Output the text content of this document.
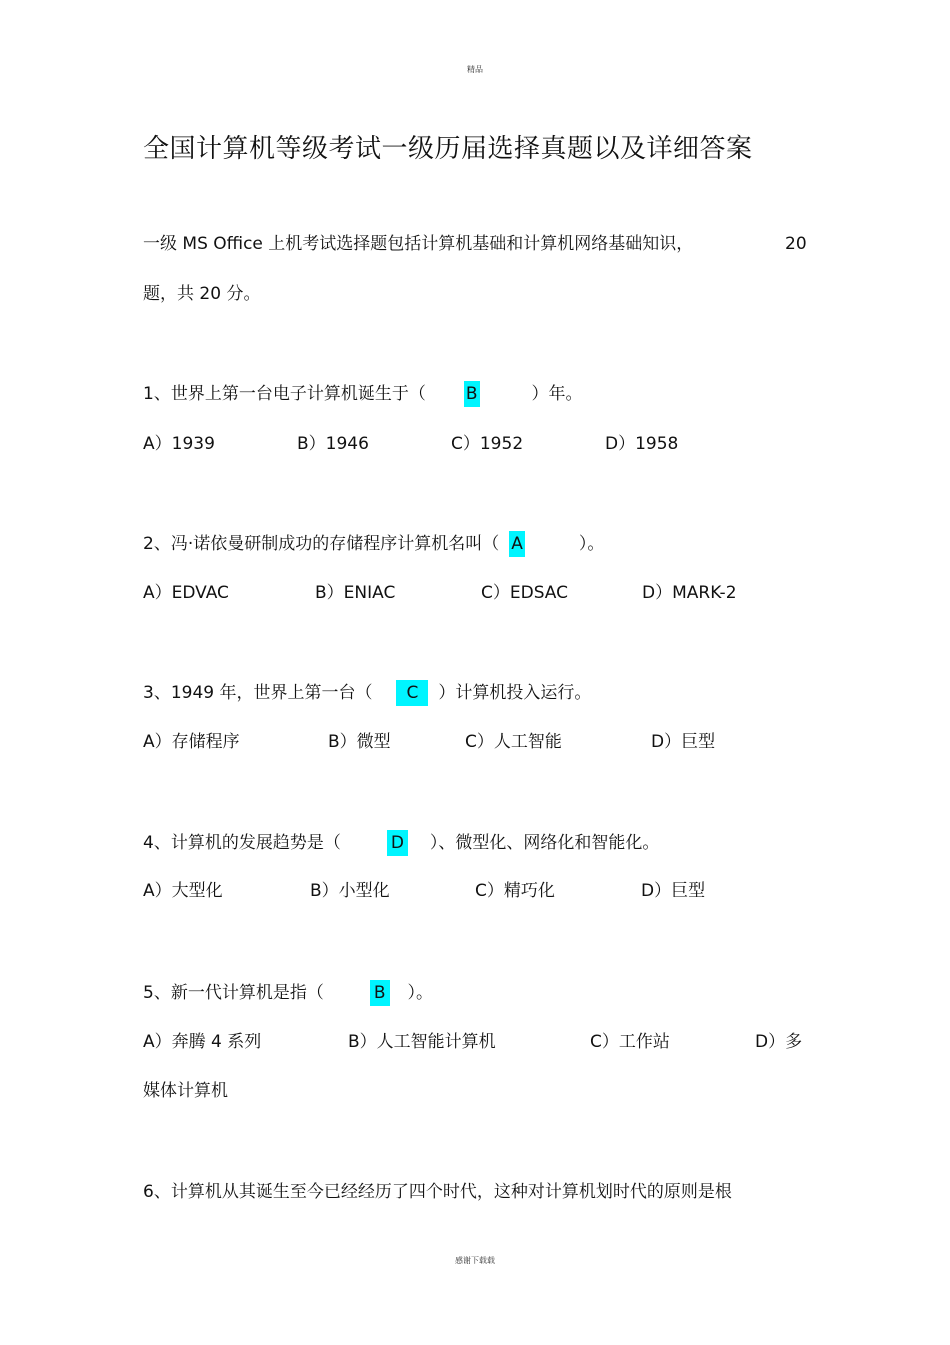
精品
全国计算机等级考试一级历届选择真题以及详细答案
一级 MS Office 上机考试选择题包括计算机基础和计算机网络基础知识，	20
题，共 20 分。
1、世界上第一台电子计算机诞生于（ B	）年。
A）1939	B）1946	C）1952	D）1958
2、冯·诺依曼研制成功的存储程序计算机名叫（ A	）。
A）EDVAC	B）ENIAC	C）EDSAC	D）MARK-2
3、1949 年，世界上第一台（ C ）计算机投入运行。
A）存储程序	B）微型	C）人工智能	D）巨型
4、计算机的发展趋势是（	D ）、微型化、网络化和智能化。
A）大型化	B）小型化	C）精巧化	D）巨型
5、新一代计算机是指（	B ）。
A）奔腾 4 系列	B）人工智能计算机	C）工作站	D）多
媒体计算机
6、计算机从其诞生至今已经经历了四个时代，这种对计算机划时代的原则是根
感谢下载载
